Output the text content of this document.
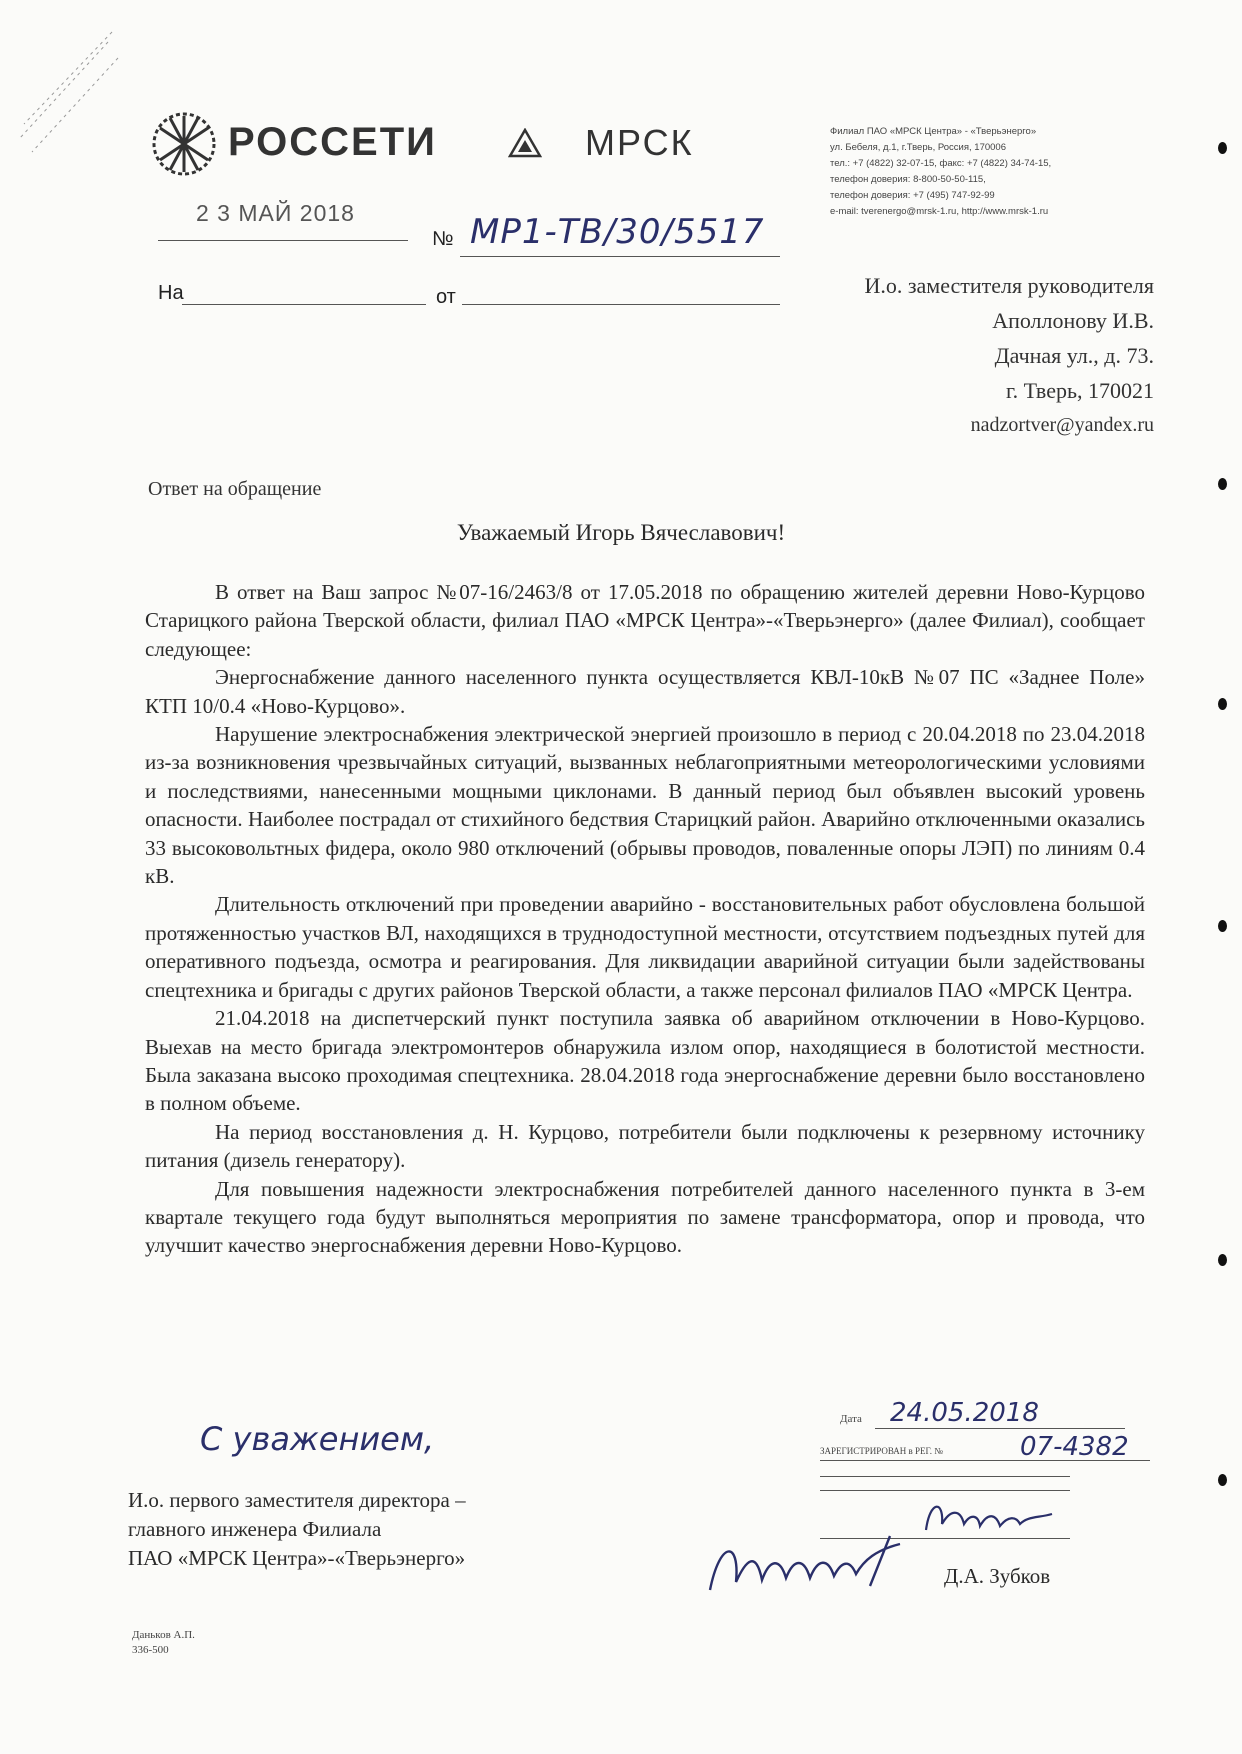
РОССЕТИ	МРСК	Филиал ПАО «МРСК Центра» - «Тверьэнерго»
ул. Бебеля, д.1, г.Тверь, Россия, 170006
тел.: +7 (4822) 32-07-15, факс: +7 (4822) 34-74-15,
телефон доверия: 8-800-50-50-115,
телефон доверия: +7 (495) 747-92-99
e-mail: tverenergo@mrsk-1.ru, http://www.mrsk-1.ru
2 3 МАЙ 2018
№ МР1-ТВ/30/5517
На	от	И.о. заместителя руководителя
Аполлонову И.В.
Дачная ул., д. 73.
г. Тверь, 170021
nadzortver@yandex.ru
Ответ на обращение
Уважаемый Игорь Вячеславович!

В ответ на Ваш запрос №07-16/2463/8 от 17.05.2018 по обращению жителей деревни Ново-Курцово Старицкого района Тверской области, филиал ПАО «МРСК Центра»-«Тверьэнерго» (далее Филиал), сообщает следующее:

Энергоснабжение данного населенного пункта осуществляется КВЛ-10кВ №07 ПС «Заднее Поле» КТП 10/0.4 «Ново-Курцово».

Нарушение электроснабжения электрической энергией произошло в период с 20.04.2018 по 23.04.2018 из-за возникновения чрезвычайных ситуаций, вызванных неблагоприятными метеорологическими условиями и последствиями, нанесенными мощными циклонами. В данный период был объявлен высокий уровень опасности. Наиболее пострадал от стихийного бедствия Старицкий район. Аварийно отключенными оказались 33 высоковольтных фидера, около 980 отключений (обрывы проводов, поваленные опоры ЛЭП) по линиям 0.4 кВ.

Длительность отключений при проведении аварийно - восстановительных работ обусловлена большой протяженностью участков ВЛ, находящихся в труднодоступной местности, отсутствием подъездных путей для оперативного подъезда, осмотра и реагирования. Для ликвидации аварийной ситуации были задействованы спецтехника и бригады с других районов Тверской области, а также персонал филиалов ПАО «МРСК Центра.

21.04.2018 на диспетчерский пункт поступила заявка об аварийном отключении в Ново-Курцово. Выехав на место бригада электромонтеров обнаружила излом опор, находящиеся в болотистой местности. Была заказана высоко проходимая спецтехника. 28.04.2018 года энергоснабжение деревни было восстановлено в полном объеме.

На период восстановления д. Н. Курцово, потребители были подключены к резервному источнику питания (дизель генератору).

Для повышения надежности электроснабжения потребителей данного населенного пункта в 3-ем квартале текущего года будут выполняться мероприятия по замене трансформатора, опор и провода, что улучшит качество энергоснабжения деревни Ново-Курцово.

Дата 24.05.2018
ЗАРЕГИСТРИРОВАН в РЕГ. №	07-4382
С уважением,
И.о. первого заместителя директора –
главного инженера Филиала
ПАО «МРСК Центра»-«Тверьэнерго»
Д.А. Зубков
Даньков А.П.
336-500
